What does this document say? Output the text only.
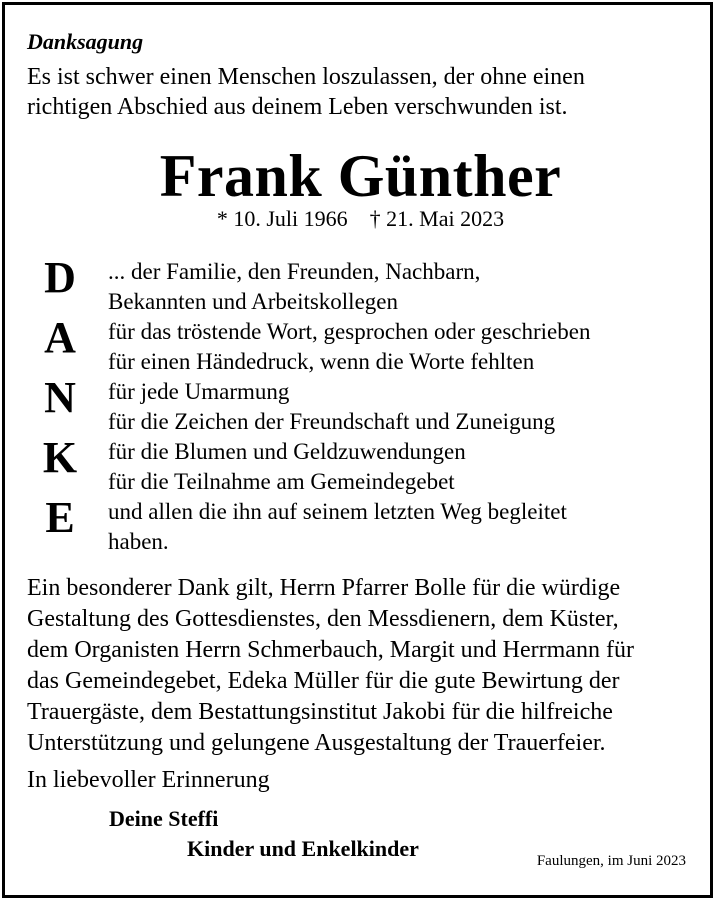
Danksagung
Es ist schwer einen Menschen loszulassen, der ohne einen
richtigen Abschied aus deinem Leben verschwunden ist.
Frank Günther
* 10. Juli 1966 † 21. Mai 2023
D
A
N
K
E
... der Familie, den Freunden, Nachbarn,
Bekannten und Arbeitskollegen
für das tröstende Wort, gesprochen oder geschrieben
für einen Händedruck, wenn die Worte fehlten
für jede Umarmung
für die Zeichen der Freundschaft und Zuneigung
für die Blumen und Geldzuwendungen
für die Teilnahme am Gemeindegebet
und allen die ihn auf seinem letzten Weg begleitet
haben.
Ein besonderer Dank gilt, Herrn Pfarrer Bolle für die würdige
Gestaltung des Gottesdienstes, den Messdienern, dem Küster,
dem Organisten Herrn Schmerbauch, Margit und Herrmann für
das Gemeindegebet, Edeka Müller für die gute Bewirtung der
Trauergäste, dem Bestattungsinstitut Jakobi für die hilfreiche
Unterstützung und gelungene Ausgestaltung der Trauerfeier.
In liebevoller Erinnerung
Deine Steffi
Kinder und Enkelkinder	Faulungen, im Juni 2023
